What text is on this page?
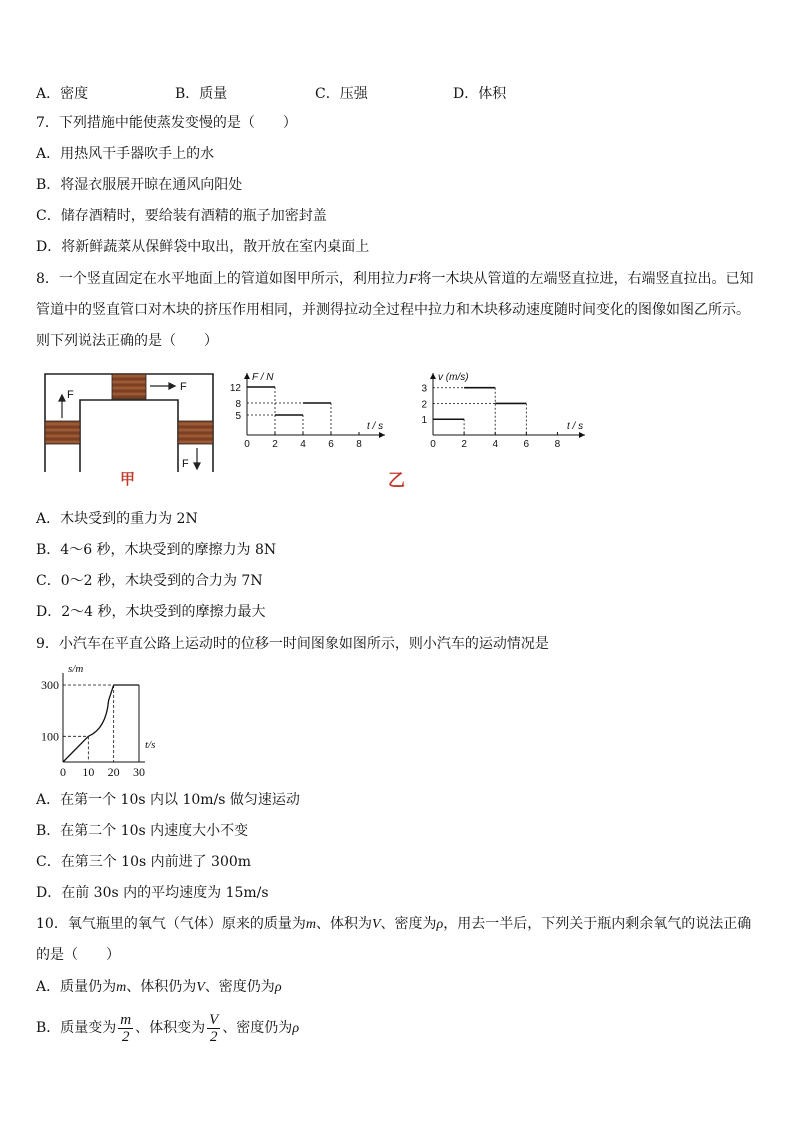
A．密度	B．质量	C．压强	D．体积
7．下列措施中能使蒸发变慢的是（　　）
A．用热风干手器吹手上的水
B．将湿衣服展开晾在通风向阳处
C．储存酒精时，要给装有酒精的瓶子加密封盖
D．将新鲜蔬菜从保鲜袋中取出，散开放在室内桌面上
8．一个竖直固定在水平地面上的管道如图甲所示，利用拉力F将一木块从管道的左端竖直拉进，右端竖直拉出。已知
管道中的竖直管口对木块的挤压作用相同，并测得拉动全过程中拉力和木块移动速度随时间变化的图像如图乙所示。
则下列说法正确的是（　　）
F
F
F
甲
F / N
t / s
0 2 4 6 8
5
8
12
v (m/s)
t / s
0	2	4	6	8
1
2
3
乙
A．木块受到的重力为 2N
B．4～6 秒，木块受到的摩擦力为 8N
C．0～2 秒，木块受到的合力为 7N
D．2～4 秒，木块受到的摩擦力最大
9．小汽车在平直公路上运动时的位移一时间图象如图所示，则小汽车的运动情况是
s/m
t/s
0 10 20 30
100
300
A．在第一个 10s 内以 10m/s 做匀速运动
B．在第二个 10s 内速度大小不变
C．在第三个 10s 内前进了 300m
D．在前 30s 内的平均速度为 15m/s
10．氧气瓶里的氧气（气体）原来的质量为m、体积为V、密度为ρ，用去一半后，下列关于瓶内剩余氧气的说法正确
的是（　　）
A．质量仍为m、体积仍为V、密度仍为ρ
B．质量变为 $\frac{m}{2}$ 、体积变为 $\frac{V}{2}$ 、密度仍为ρ
